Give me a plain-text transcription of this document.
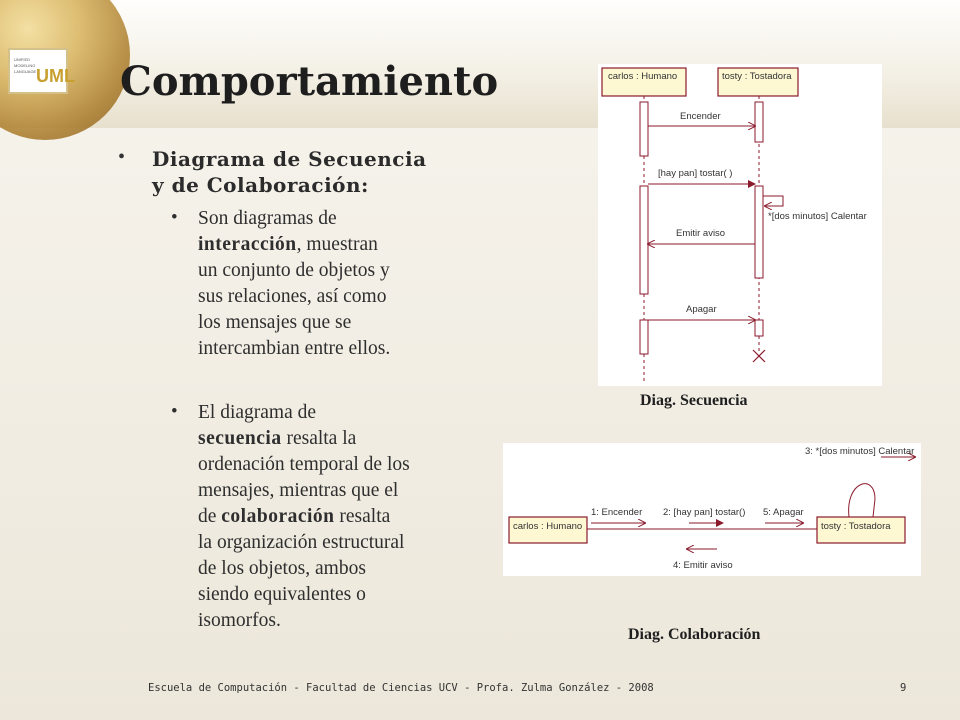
UNIFIED
MODELING
LANGUAGE UML Comportamiento
• Diagrama de Secuencia
y de Colaboración:
• Son diagramas de
interacción, muestran
un conjunto de objetos y
sus relaciones, así como
los mensajes que se
intercambian entre ellos.
• El diagrama de
secuencia resalta la
ordenación temporal de los
mensajes, mientras que el
de colaboración resalta
la organización estructural
de los objetos, ambos
siendo equivalentes o
isomorfos.
carlos : Humano	tosty : Tostadora
Encender
[hay pan] tostar( )
*[dos minutos] Calentar
Emitir aviso
Apagar
Diag. Secuencia
carlos : Humano	tosty : Tostadora
1: Encender 2: [hay pan] tostar() 5: Apagar
3: *[dos minutos] Calentar
4: Emitir aviso
Diag. Colaboración
Escuela de Computación - Facultad de Ciencias UCV - Profa. Zulma González - 2008	9
